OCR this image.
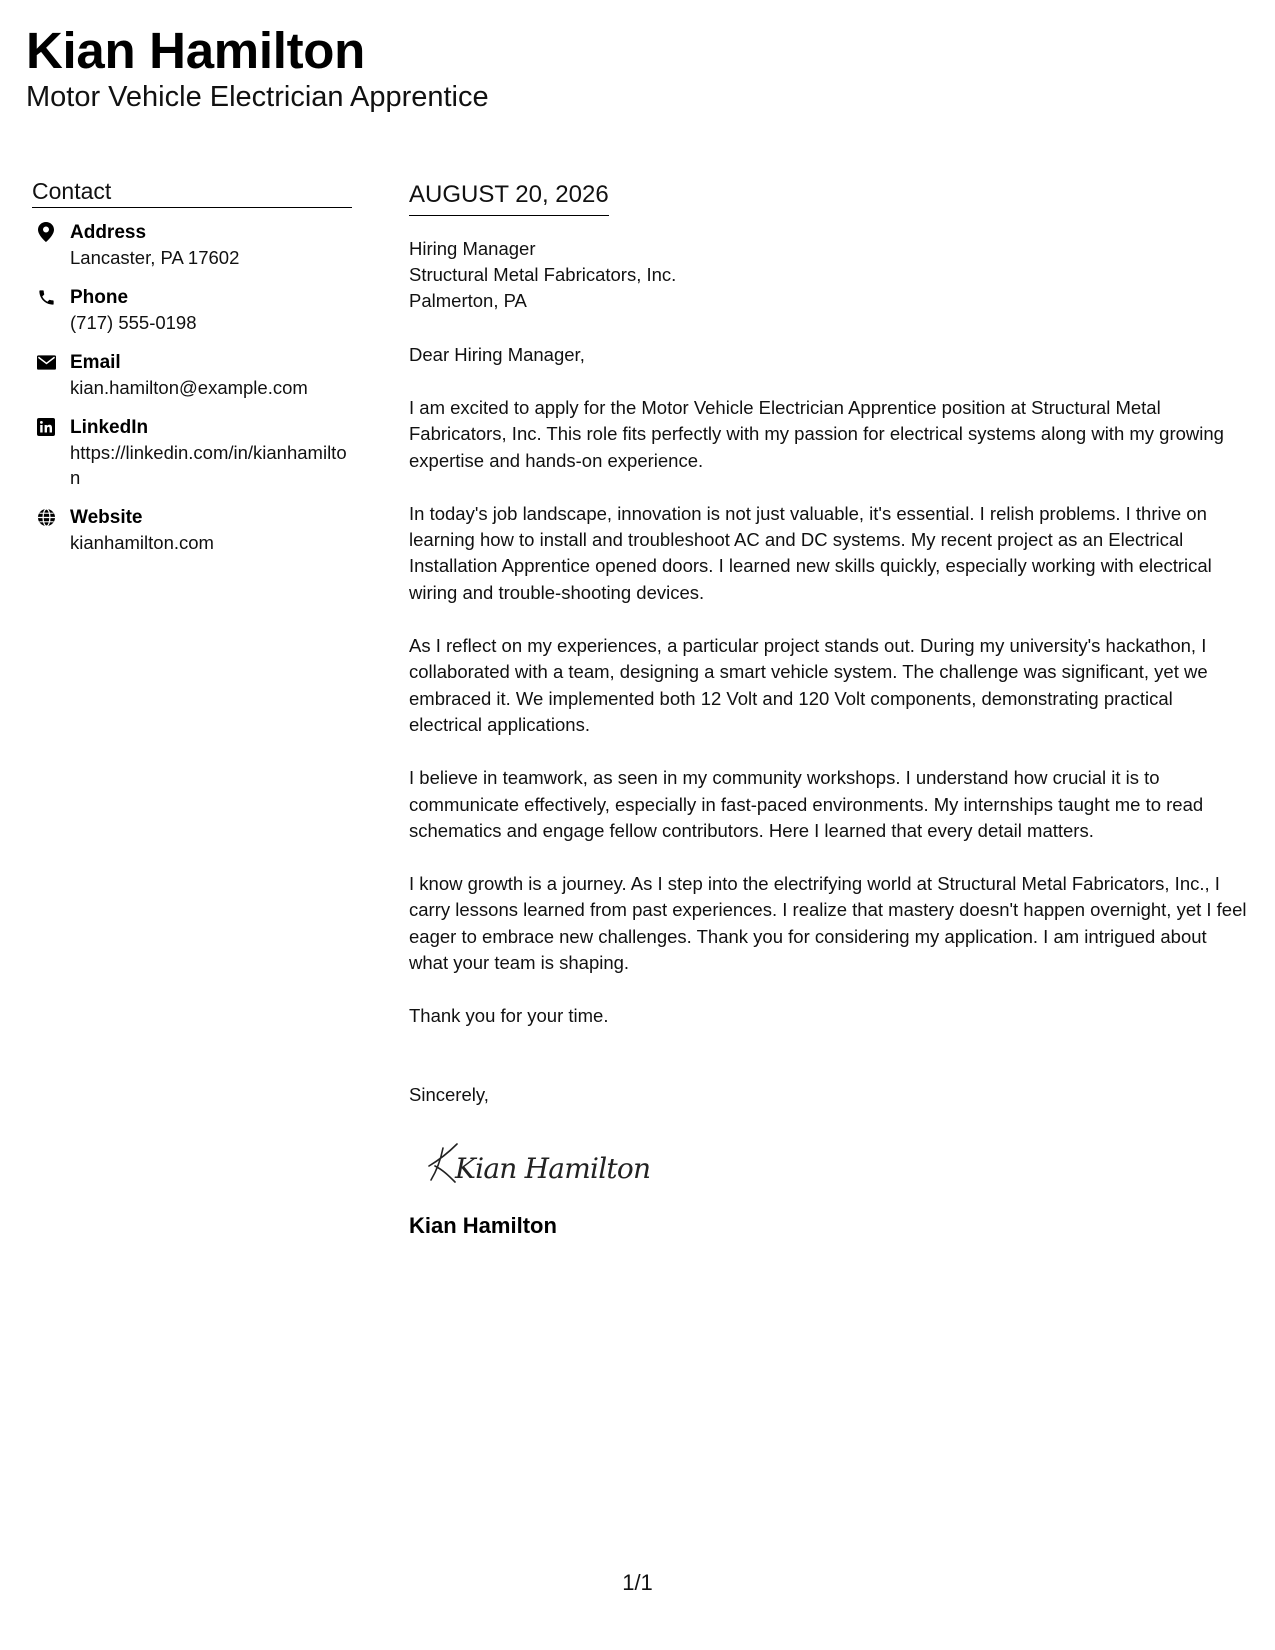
Kian Hamilton
Motor Vehicle Electrician Apprentice
Contact
Address
Lancaster, PA 17602
Phone
(717) 555-0198
Email
kian.hamilton@example.com
LinkedIn
https://linkedin.com/in/kianhamilton
Website
kianhamilton.com
AUGUST 20, 2026
Hiring Manager
Structural Metal Fabricators, Inc.
Palmerton, PA
Dear Hiring Manager,
I am excited to apply for the Motor Vehicle Electrician Apprentice position at Structural Metal Fabricators, Inc. This role fits perfectly with my passion for electrical systems along with my growing expertise and hands-on experience.
In today's job landscape, innovation is not just valuable, it's essential. I relish problems. I thrive on learning how to install and troubleshoot AC and DC systems. My recent project as an Electrical Installation Apprentice opened doors. I learned new skills quickly, especially working with electrical wiring and trouble-shooting devices.
As I reflect on my experiences, a particular project stands out. During my university's hackathon, I collaborated with a team, designing a smart vehicle system. The challenge was significant, yet we embraced it. We implemented both 12 Volt and 120 Volt components, demonstrating practical electrical applications.
I believe in teamwork, as seen in my community workshops. I understand how crucial it is to communicate effectively, especially in fast-paced environments. My internships taught me to read schematics and engage fellow contributors. Here I learned that every detail matters.
I know growth is a journey. As I step into the electrifying world at Structural Metal Fabricators, Inc., I carry lessons learned from past experiences. I realize that mastery doesn't happen overnight, yet I feel eager to embrace new challenges. Thank you for considering my application. I am intrigued about what your team is shaping.
Thank you for your time.
Sincerely,
Kian Hamilton
Kian Hamilton
1/1
